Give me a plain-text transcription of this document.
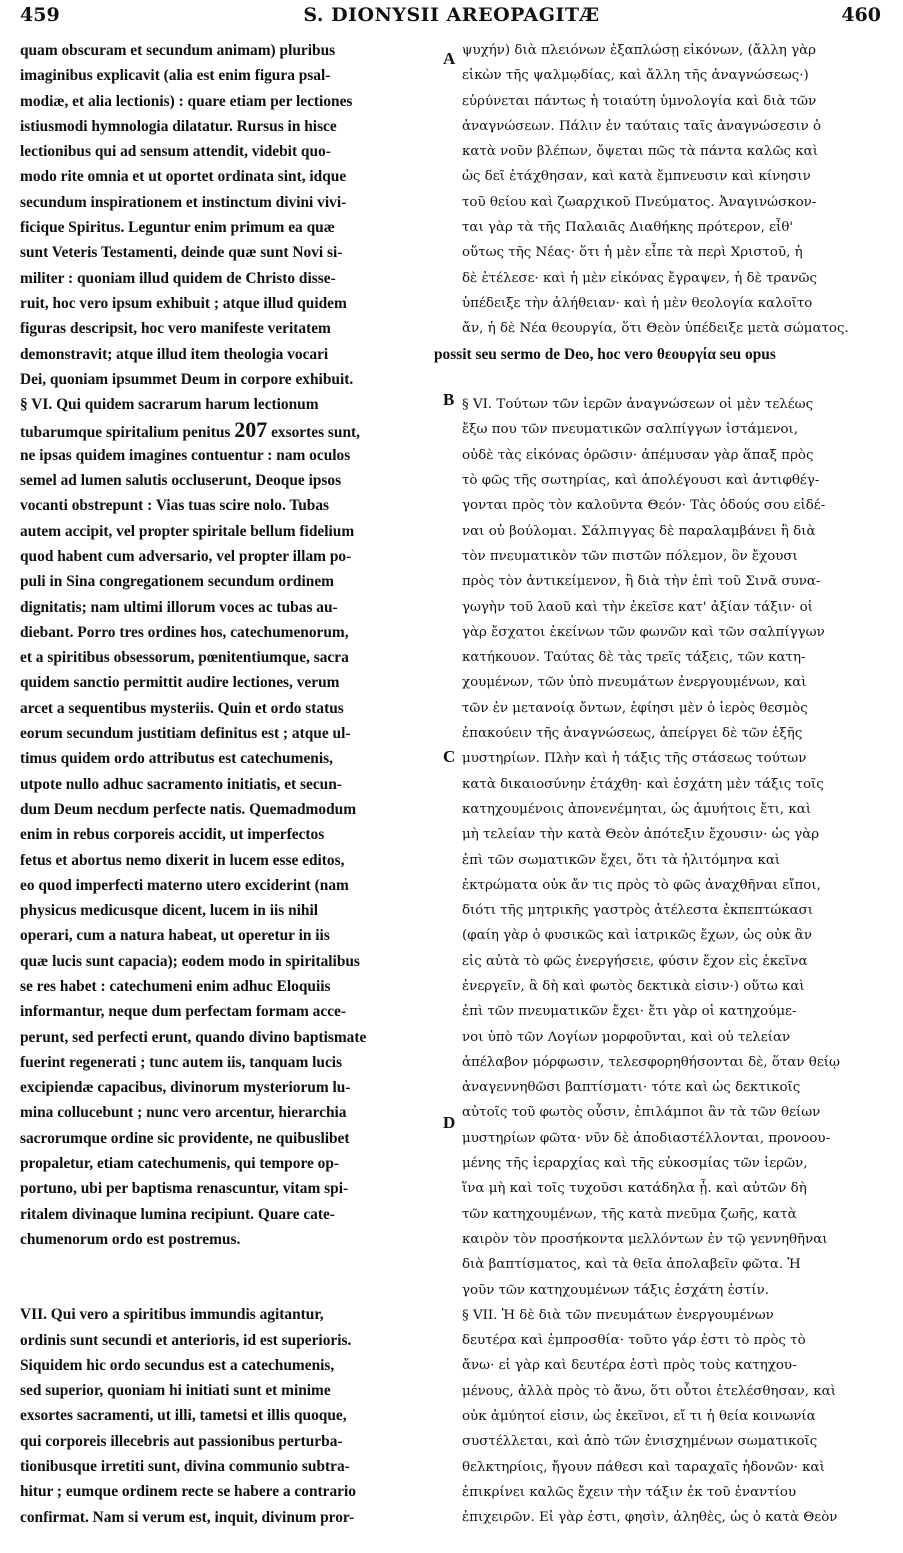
459	S. DIONYSII AREOPAGITÆ	460
A
B
C
D
quam obscuram et secundum animam) pluribus
imaginibus explicavit (alia est enim figura psal-
modiæ, et alia lectionis) : quare etiam per lectiones
istiusmodi hymnologia dilatatur. Rursus in hisce
lectionibus qui ad sensum attendit, videbit quo-
modo rite omnia et ut oportet ordinata sint, idque
secundum inspirationem et instinctum divini vivi-
ficique Spiritus. Leguntur enim primum ea quæ
sunt Veteris Testamenti, deinde quæ sunt Novi si-
militer : quoniam illud quidem de Christo disse-
ruit, hoc vero ipsum exhibuit ; atque illud quidem
figuras descripsit, hoc vero manifeste veritatem
demonstravit; atque illud item theologia vocari
Dei, quoniam ipsummet Deum in corpore exhibuit.
§ VI. Qui quidem sacrarum harum lectionum
tubarumque spiritalium penitus 207 exsortes sunt,
ne ipsas quidem imagines contuentur : nam oculos
semel ad lumen salutis occluserunt, Deoque ipsos
vocanti obstrepunt : Vias tuas scire nolo. Tubas
autem accipit, vel propter spiritale bellum fidelium
quod habent cum adversario, vel propter illam po-
puli in Sina congregationem secundum ordinem
dignitatis; nam ultimi illorum voces ac tubas au-
diebant. Porro tres ordines hos, catechumenorum,
et a spiritibus obsessorum, pœnitentiumque, sacra
quidem sanctio permittit audire lectiones, verum
arcet a sequentibus mysteriis. Quin et ordo status
eorum secundum justitiam definitus est ; atque ul-
timus quidem ordo attributus est catechumenis,
utpote nullo adhuc sacramento initiatis, et secun-
dum Deum necdum perfecte natis. Quemadmodum
enim in rebus corporeis accidit, ut imperfectos
fetus et abortus nemo dixerit in lucem esse editos,
eo quod imperfecti materno utero exciderint (nam
physicus medicusque dicent, lucem in iis nihil
operari, cum a natura habeat, ut operetur in iis
quæ lucis sunt capacia); eodem modo in spiritalibus
se res habet : catechumeni enim adhuc Eloquiis
informantur, neque dum perfectam formam acce-
perunt, sed perfecti erunt, quando divino baptismate
fuerint regenerati ; tunc autem iis, tanquam lucis
excipiendæ capacibus, divinorum mysteriorum lu-
mina collucebunt ; nunc vero arcentur, hierarchia
sacrorumque ordine sic providente, ne quibuslibet
propaletur, etiam catechumenis, qui tempore op-
portuno, ubi per baptisma renascuntur, vitam spi-
ritalem divinaque lumina recipiunt. Quare cate-
chumenorum ordo est postremus.
VII. Qui vero a spiritibus immundis agitantur,
ordinis sunt secundi et anterioris, id est superioris.
Siquidem hic ordo secundus est a catechumenis,
sed superior, quoniam hi initiati sunt et minime
exsortes sacramenti, ut illi, tametsi et illis quoque,
qui corporeis illecebris aut passionibus perturba-
tionibusque irretiti sunt, divina communio subtra-
hitur ; eumque ordinem recte se habere a contrario
confirmat. Nam si verum est, inquit, divinum pror-
ψυχήν) διὰ πλειόνων ἐξαπλώσῃ εἰκόνων, (ἄλλη γὰρ
εἰκὼν τῆς ψαλμῳδίας, καὶ ἄλλη τῆς ἀναγνώσεως·)
εὐρύνεται πάντως ἡ τοιαύτη ὑμνολογία καὶ διὰ τῶν
ἀναγνώσεων. Πάλιν ἐν ταύταις ταῖς ἀναγνώσεσιν ὁ
κατὰ νοῦν βλέπων, ὄψεται πῶς τὰ πάντα καλῶς καὶ
ὡς δεῖ ἐτάχθησαν, καὶ κατὰ ἔμπνευσιν καὶ κίνησιν
τοῦ θείου καὶ ζωαρχικοῦ Πνεύματος. Ἀναγινώσκον-
ται γὰρ τὰ τῆς Παλαιᾶς Διαθήκης πρότερον, εἶθ'
οὕτως τῆς Νέας· ὅτι ἡ μὲν εἶπε τὰ περὶ Χριστοῦ, ἡ
δὲ ἐτέλεσε· καὶ ἡ μὲν εἰκόνας ἔγραψεν, ἡ δὲ τρανῶς
ὑπέδειξε τὴν ἀλήθειαν· καὶ ἡ μὲν θεολογία καλοῖτο
ἄν, ἡ δὲ Νέα θεουργία, ὅτι Θεὸν ὑπέδειξε μετὰ σώματος.
possit seu sermo de Deo, hoc vero θεουργία seu opus
§ VI. Τούτων τῶν ἱερῶν ἀναγνώσεων οἱ μὲν τελέως
ἔξω που τῶν πνευματικῶν σαλπίγγων ἱστάμενοι,
οὐδὲ τὰς εἰκόνας ὁρῶσιν· ἀπέμυσαν γὰρ ἅπαξ πρὸς
τὸ φῶς τῆς σωτηρίας, καὶ ἀπολέγουσι καὶ ἀντιφθέγ-
γονται πρὸς τὸν καλοῦντα Θεόν· Τὰς ὁδούς σου εἰδέ-
ναι οὐ βούλομαι. Σάλπιγγας δὲ παραλαμβάνει ἢ διὰ
τὸν πνευματικὸν τῶν πιστῶν πόλεμον, ὃν ἔχουσι
πρὸς τὸν ἀντικείμενον, ἢ διὰ τὴν ἐπὶ τοῦ Σινᾶ συνα-
γωγὴν τοῦ λαοῦ καὶ τὴν ἐκεῖσε κατ' ἀξίαν τάξιν· οἱ
γὰρ ἔσχατοι ἐκείνων τῶν φωνῶν καὶ τῶν σαλπίγγων
κατήκουον. Ταύτας δὲ τὰς τρεῖς τάξεις, τῶν κατη-
χουμένων, τῶν ὑπὸ πνευμάτων ἐνεργουμένων, καὶ
τῶν ἐν μετανοίᾳ ὄντων, ἐφίησι μὲν ὁ ἱερὸς θεσμὸς
ἐπακούειν τῆς ἀναγνώσεως, ἀπείργει δὲ τῶν ἑξῆς
μυστηρίων. Πλὴν καὶ ἡ τάξις τῆς στάσεως τούτων
κατὰ δικαιοσύνην ἐτάχθη· καὶ ἐσχάτη μὲν τάξις τοῖς
κατηχουμένοις ἀπονενέμηται, ὡς ἀμυήτοις ἔτι, καὶ
μὴ τελείαν τὴν κατὰ Θεὸν ἀπότεξιν ἔχουσιν· ὡς γὰρ
ἐπὶ τῶν σωματικῶν ἔχει, ὅτι τὰ ἠλιτόμηνα καὶ
ἐκτρώματα οὐκ ἄν τις πρὸς τὸ φῶς ἀναχθῆναι εἴποι,
διότι τῆς μητρικῆς γαστρὸς ἀτέλεστα ἐκπεπτώκασι
(φαίη γὰρ ὁ φυσικῶς καὶ ἰατρικῶς ἔχων, ὡς οὐκ ἂν
εἰς αὐτὰ τὸ φῶς ἐνεργήσειε, φύσιν ἔχον εἰς ἐκεῖνα
ἐνεργεῖν, ἃ δὴ καὶ φωτὸς δεκτικὰ εἰσιν·) οὕτω καὶ
ἐπὶ τῶν πνευματικῶν ἔχει· ἔτι γὰρ οἱ κατηχούμε-
νοι ὑπὸ τῶν Λογίων μορφοῦνται, καὶ οὐ τελείαν
ἀπέλαβον μόρφωσιν, τελεσφορηθήσονται δὲ, ὅταν θείῳ
ἀναγεννηθῶσι βαπτίσματι· τότε καὶ ὡς δεκτικοῖς
αὐτοῖς τοῦ φωτὸς οὖσιν, ἐπιλάμποι ἂν τὰ τῶν θείων
μυστηρίων φῶτα· νῦν δὲ ἀποδιαστέλλονται, προνοου-
μένης τῆς ἱεραρχίας καὶ τῆς εὐκοσμίας τῶν ἱερῶν,
ἵνα μὴ καὶ τοῖς τυχοῦσι κατάδηλα ᾖ. καὶ αὐτῶν δὴ
τῶν κατηχουμένων, τῆς κατὰ πνεῦμα ζωῆς, κατὰ
καιρὸν τὸν προσήκοντα μελλόντων ἐν τῷ γεννηθῆναι
διὰ βαπτίσματος, καὶ τὰ θεῖα ἀπολαβεῖν φῶτα. Ἡ
γοῦν τῶν κατηχουμένων τάξις ἐσχάτη ἐστίν.
§ VII. Ἡ δὲ διὰ τῶν πνευμάτων ἐνεργουμένων
δευτέρα καὶ ἐμπροσθία· τοῦτο γάρ ἐστι τὸ πρὸς τὸ
ἄνω· εἰ γὰρ καὶ δευτέρα ἐστὶ πρὸς τοὺς κατηχου-
μένους, ἀλλὰ πρὸς τὸ ἄνω, ὅτι οὗτοι ἐτελέσθησαν, καὶ
οὐκ ἀμύητοί εἰσιν, ὡς ἐκεῖνοι, εἴ τι ἡ θεία κοινωνία
συστέλλεται, καὶ ἀπὸ τῶν ἐνισχημένων σωματικοῖς
θελκτηρίοις, ἤγουν πάθεσι καὶ ταραχαῖς ἡδονῶν· καὶ
ἐπικρίνει καλῶς ἔχειν τὴν τάξιν ἐκ τοῦ ἐναντίου
ἐπιχειρῶν. Εἰ γὰρ ἐστι, φησὶν, ἀληθὲς, ὡς ὁ κατὰ Θεὸν
